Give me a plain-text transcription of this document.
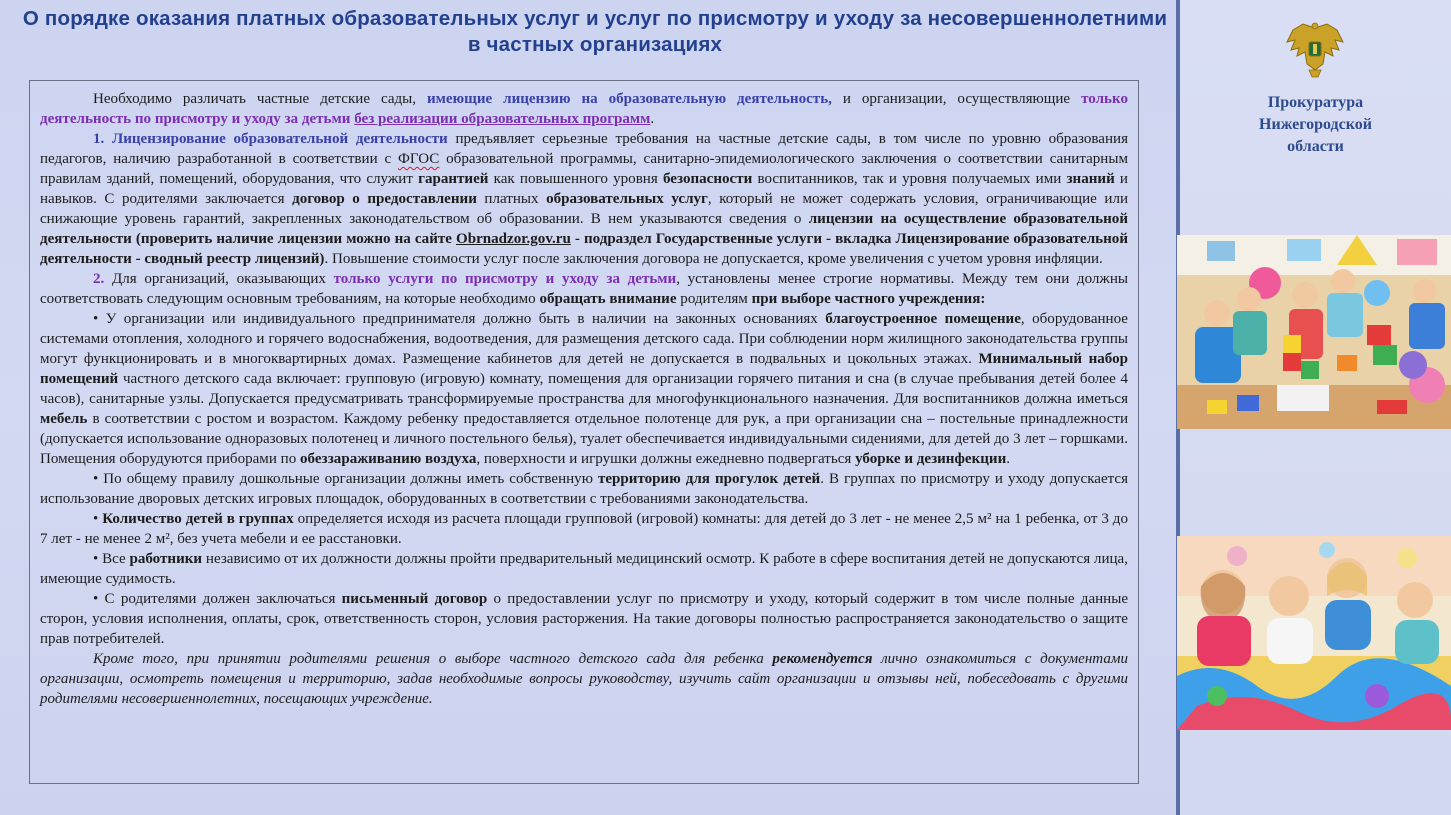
О порядке оказания платных образовательных услуг и услуг по присмотру и уходу за несовершеннолетними в частных организациях

Необходимо различать частные детские сады, имеющие лицензию на образовательную деятельность, и организации, осуществляющие только деятельность по присмотру и уходу за детьми без реализации образовательных программ.

1. Лицензирование образовательной деятельности предъявляет серьезные требования на частные детские сады, в том числе по уровню образования педагогов, наличию разработанной в соответствии с ФГОС образовательной программы, санитарно-эпидемиологического заключения о соответствии санитарным правилам зданий, помещений, оборудования, что служит гарантией как повышенного уровня безопасности воспитанников, так и уровня получаемых ими знаний и навыков. С родителями заключается договор о предоставлении платных образовательных услуг, который не может содержать условия, ограничивающие или снижающие уровень гарантий, закрепленных законодательством об образовании. В нем указываются сведения о лицензии на осуществление образовательной деятельности (проверить наличие лицензии можно на сайте Obrnadzor.gov.ru - подраздел Государственные услуги - вкладка Лицензирование образовательной деятельности - сводный реестр лицензий). Повышение стоимости услуг после заключения договора не допускается, кроме увеличения с учетом уровня инфляции.

2. Для организаций, оказывающих только услуги по присмотру и уходу за детьми, установлены менее строгие нормативы. Между тем они должны соответствовать следующим основным требованиям, на которые необходимо обращать внимание родителям при выборе частного учреждения:

• У организации или индивидуального предпринимателя должно быть в наличии на законных основаниях благоустроенное помещение, оборудованное системами отопления, холодного и горячего водоснабжения, водоотведения, для размещения детского сада. При соблюдении норм жилищного законодательства группы могут функционировать и в многоквартирных домах. Размещение кабинетов для детей не допускается в подвальных и цокольных этажах. Минимальный набор помещений частного детского сада включает: групповую (игровую) комнату, помещения для организации горячего питания и сна (в случае пребывания детей более 4 часов), санитарные узлы. Допускается предусматривать трансформируемые пространства для многофункционального назначения. Для воспитанников должна иметься мебель в соответствии с ростом и возрастом. Каждому ребенку предоставляется отдельное полотенце для рук, а при организации сна – постельные принадлежности (допускается использование одноразовых полотенец и личного постельного белья), туалет обеспечивается индивидуальными сидениями, для детей до 3 лет – горшками. Помещения оборудуются приборами по обеззараживанию воздуха, поверхности и игрушки должны ежедневно подвергаться уборке и дезинфекции.

• По общему правилу дошкольные организации должны иметь собственную территорию для прогулок детей. В группах по присмотру и уходу допускается использование дворовых детских игровых площадок, оборудованных в соответствии с требованиями законодательства.

• Количество детей в группах определяется исходя из расчета площади групповой (игровой) комнаты: для детей до 3 лет - не менее 2,5 м² на 1 ребенка, от 3 до 7 лет - не менее 2 м², без учета мебели и ее расстановки.

• Все работники независимо от их должности должны пройти предварительный медицинский осмотр. К работе в сфере воспитания детей не допускаются лица, имеющие судимость.

• С родителями должен заключаться письменный договор о предоставлении услуг по присмотру и уходу, который содержит в том числе полные данные сторон, условия исполнения, оплаты, срок, ответственность сторон, условия расторжения. На такие договоры полностью распространяется законодательство о защите прав потребителей.

Кроме того, при принятии родителями решения о выборе частного детского сада для ребенка рекомендуется лично ознакомиться с документами организации, осмотреть помещения и территорию, задав необходимые вопросы руководству, изучить сайт организации и отзывы ней, побеседовать с другими родителями несовершеннолетних, посещающих учреждение.

Прокуратура
Нижегородской
области
